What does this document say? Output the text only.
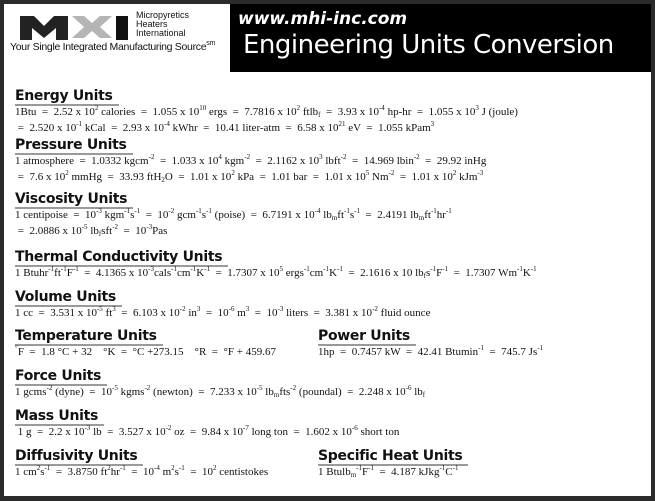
Micropyretics
Heaters
International
Your Single Integrated Manufacturing Source$^{sm}$
www.mhi-inc.com
Engineering Units Conversion
Energy Units
1Btu  =  2.52 x $10^2$ calories  =  1.055 x $10^{10}$ ergs  =  7.7816 x $10^2$ ftlb$_f$  =  3.93 x $10^{-4}$ hp-hr  =  1.055 x $10^3$ J (joule)
=  2.520 x $10^{-1}$ kCal  =  2.93 x $10^{-4}$ kWhr  =  10.41 liter-atm  =  6.58 x $10^{21}$ eV  =  1.055 kPam$^3$
Pressure Units
1 atmosphere  =  1.0332 kgcm$^{-2}$  =  1.033 x $10^4$ kgm$^{-2}$  =  2.1162 x $10^3$ lbft$^{-2}$  =  14.969 lbin$^{-2}$  =  29.92 inHg
=  7.6 x $10^2$ mmHg  =  33.93 ftH$_2$O  =  1.01 x $10^2$ kPa  =  1.01 bar  =  1.01 x $10^5$ $Nm^{-2} = 1.01$ x $10^2$ kJm$^{-3}$
Viscosity Units
1 centipoise  =  $10^{-3}$ $kgm^{-1}s^{-1} = 10^{-2}$ $gcm^{-1}s^{-1}$ (poise)  =  6.7191 x $10^{-4}$ $lb_mft^{-1}s^{-1} = 2.4191$ $lb_mft^{-1}hr^{-1}$
=  2.0886 x $10^{-5}$ $lb_fsft^{-2} = 10^{-3}Pas$
Thermal Conductivity Units
1 $Btuhr^{-1}ft^{-1}F^{-1} = 4.1365$ x $10^{-3}cals^{-1}cm^{-1}K^{-1} = 1.7307$ x $10^5$ $ergs^{-1}cm^{-1}K^{-1} = 2.1616$ x 10 $lb_fs^{-1}F^{-1} = 1.7307$ $Wm^{-1}K^{-1}$
Volume Units
1 cc  =  3.531 x $10^{-5}$ $ft^3 = 6.103$ x $10^{-2}$ $in^3 = 10^{-6}$ $m^3 = 10^{-3}$ liters  =  3.381 x $10^{-2}$ fluid ounce
Temperature Units
°F  =  1.8 °C + 32    °K  =  °C +273.15    °R  =  °F + 459.67
Power Units
1hp  =  0.7457 kW  =  42.41 Btumin$^{-1}$  =  745.7 $Js^{-1}$
Force Units
1 gcms$^{-2}$ (dyne)  =  $10^{-5}$ kgms$^{-2}$ (newton)  =  7.233 x $10^{-5}$ $lb_mfts^{-2}$ (poundal)  =  2.248 x $10^{-6}$ $lb_f$
Mass Units
1 g  =  2.2 x $10^{-3}$ lb  =  3.527 x $10^{-2}$ oz  =  9.84 x $10^{-7}$ long ton  =  1.602 x $10^{-6}$ short ton
Diffusivity Units
1 $cm^2s^{-1} = 3.8750$ $ft^2hr^{-1} = 10^{-4}$ $m^2s^{-1} = 10^2$ centistokes
Specific Heat Units
1 $Btulb_m^{-1}F^{-1} = 4.187$ $kJkg^{-1}C^{-1}$
